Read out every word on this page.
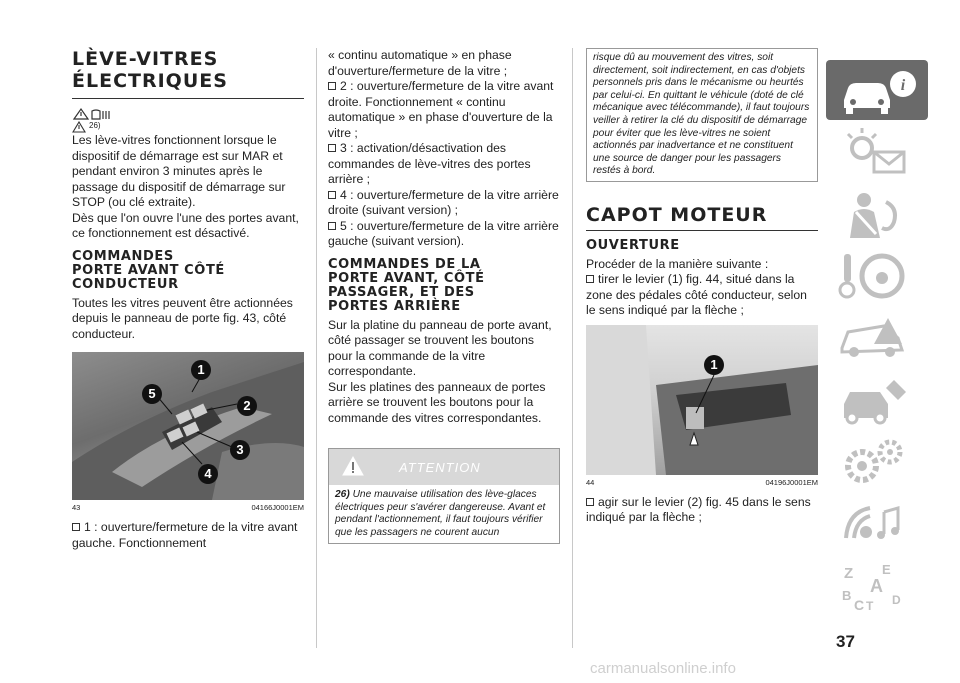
LÈVE-VITRES
ÉLECTRIQUES
26)

Les lève-vitres fonctionnent lorsque le dispositif de démarrage est sur MAR et pendant environ 3 minutes après le passage du dispositif de démarrage sur STOP (ou clé extraite).

Dès que l'on ouvre l'une des portes avant, ce fonctionnement est désactivé.

COMMANDES
PORTE AVANT CÔTÉ
CONDUCTEUR

Toutes les vitres peuvent être actionnées depuis le panneau de porte fig. 43, côté conducteur.

1
2
3
4
5
43	04166J0001EM
1 : ouverture/fermeture de la vitre avant gauche. Fonctionnement

« continu automatique » en phase d'ouverture/fermeture de la vitre ;

2 : ouverture/fermeture de la vitre avant droite. Fonctionnement « continu automatique » en phase d'ouverture de la vitre ;
3 : activation/désactivation des commandes de lève-vitres des portes arrière ;
4 : ouverture/fermeture de la vitre arrière droite (suivant version) ;
5 : ouverture/fermeture de la vitre arrière gauche (suivant version).
COMMANDES DE LA
PORTE AVANT, CÔTÉ
PASSAGER, ET DES
PORTES ARRIÈRE

Sur la platine du panneau de porte avant, côté passager se trouvent les boutons pour la commande de la vitre correspondante.

Sur les platines des panneaux de portes arrière se trouvent les boutons pour la commande des vitres correspondantes.

ATTENTION
26) Une mauvaise utilisation des lève-glaces électriques peur s'avérer dangereuse. Avant et pendant l'actionnement, il faut toujours vérifier que les passagers ne courent aucun
risque dû au mouvement des vitres, soit directement, soit indirectement, en cas d'objets personnels pris dans le mécanisme ou heurtés par celui-ci. En quittant le véhicule (doté de clé mécanique avec télécommande), il faut toujours veiller à retirer la clé du dispositif de démarrage pour éviter que les lève-vitres ne soient actionnés par inadvertance et ne constituent une source de danger pour les passagers restés à bord.
CAPOT MOTEUR
OUVERTURE

Procéder de la manière suivante :

tirer le levier (1) fig. 44, situé dans la zone des pédales côté conducteur, selon le sens indiqué par la flèche ;
1
44	04196J0001EM
agir sur le levier (2) fig. 45 dans le sens indiqué par la flèche ;
i
Z E
A
B
C T D
37
carmanualsonline.info
